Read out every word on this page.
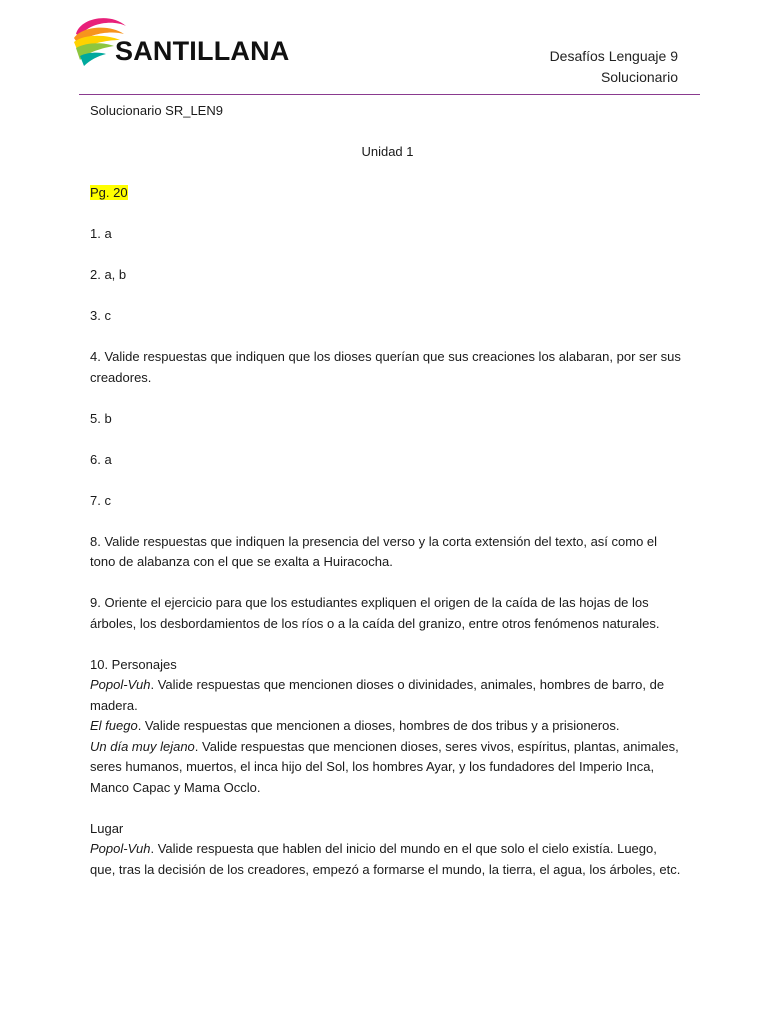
SANTILLANA	Desafíos Lenguaje 9
Solucionario

Solucionario SR_LEN9

Unidad 1

Pg. 20

1. a

2. a, b

3. c

4. Valide respuestas que indiquen que los dioses querían que sus creaciones los alabaran, por ser sus creadores.

5. b

6. a

7. c

8. Valide respuestas que indiquen la presencia del verso y la corta extensión del texto, así como el tono de alabanza con el que se exalta a Huiracocha.

9. Oriente el ejercicio para que los estudiantes expliquen el origen de la caída de las hojas de los árboles, los desbordamientos de los ríos o a la caída del granizo, entre otros fenómenos naturales.

10. Personajes

Popol-Vuh. Valide respuestas que mencionen dioses o divinidades, animales, hombres de barro, de madera.

El fuego. Valide respuestas que mencionen a dioses, hombres de dos tribus y a prisioneros.

Un día muy lejano. Valide respuestas que mencionen dioses, seres vivos, espíritus, plantas, animales, seres humanos, muertos, el inca hijo del Sol, los hombres Ayar, y los fundadores del Imperio Inca, Manco Capac y Mama Occlo.

Lugar

Popol-Vuh. Valide respuesta que hablen del inicio del mundo en el que solo el cielo existía. Luego, que, tras la decisión de los creadores, empezó a formarse el mundo, la tierra, el agua, los árboles, etc.
